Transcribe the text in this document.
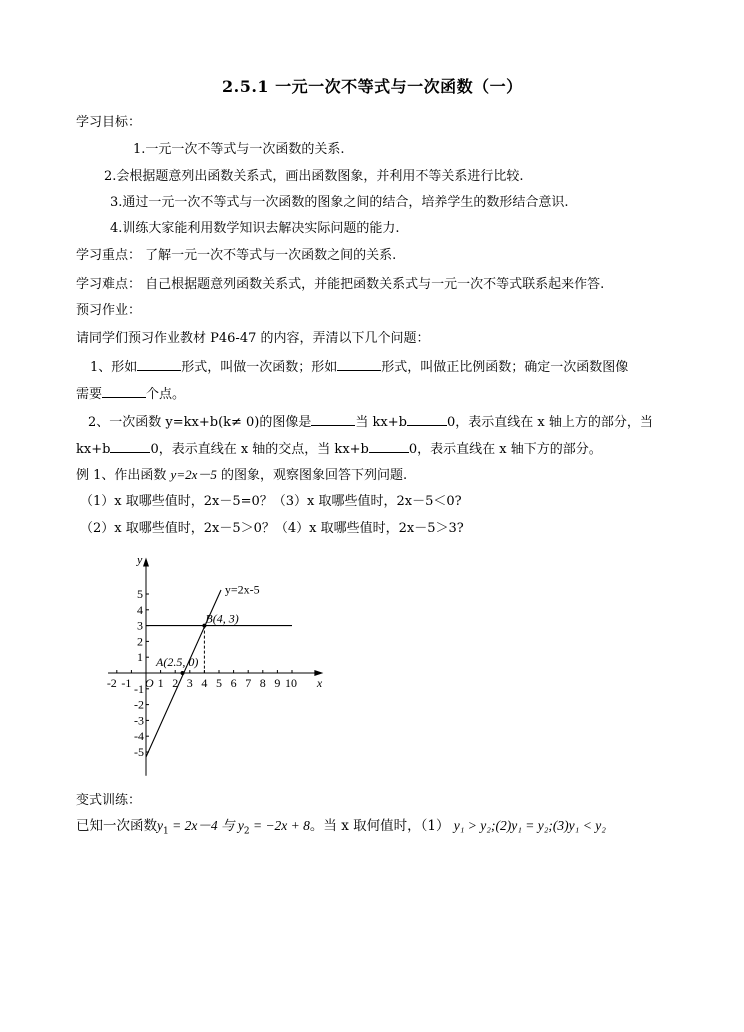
2.5.1 一元一次不等式与一次函数（一）
学习目标：
1.一元一次不等式与一次函数的关系.
2.会根据题意列出函数关系式，画出函数图象，并利用不等关系进行比较.
3.通过一元一次不等式与一次函数的图象之间的结合，培养学生的数形结合意识.
4.训练大家能利用数学知识去解决实际问题的能力.
学习重点： 了解一元一次不等式与一次函数之间的关系.
学习难点： 自己根据题意列函数关系式，并能把函数关系式与一元一次不等式联系起来作答.
预习作业：
请同学们预习作业教材 P46-47 的内容，弄清以下几个问题：
1、形如	形式，叫做一次函数；形如	形式，叫做正比例函数；确定一次函数图像
需要	个点。
2、一次函数 y=kx+b(k≠ 0)的图像是	当 kx+b	0，表示直线在 x 轴上方的部分，当
kx+b	0，表示直线在 x 轴的交点，当 kx+b	0，表示直线在 x 轴下方的部分。
例 1、作出函数 y=2x－5 的图象，观察图象回答下列问题.
（1）x 取哪些值时，2x－5=0？（3）x 取哪些值时，2x－5＜0?
（2）x 取哪些值时，2x－5＞0？（4）x 取哪些值时，2x－5＞3?
x
y
O
-2 -1 1 2 3 4 5 6 7 8 9 10
5
4
3
2
1
-1
-2
-3
-4
-5
y=2x-5
B(4, 3)
A(2.5, 0)
变式训练：
已知一次函数$y_1 = 2x-4$ 与 $y_2 = -2x + 8$。当 x 取何值时，（1） y₁ > y₂;(2)y₁ = y₂;(3)y₁ < y₂
